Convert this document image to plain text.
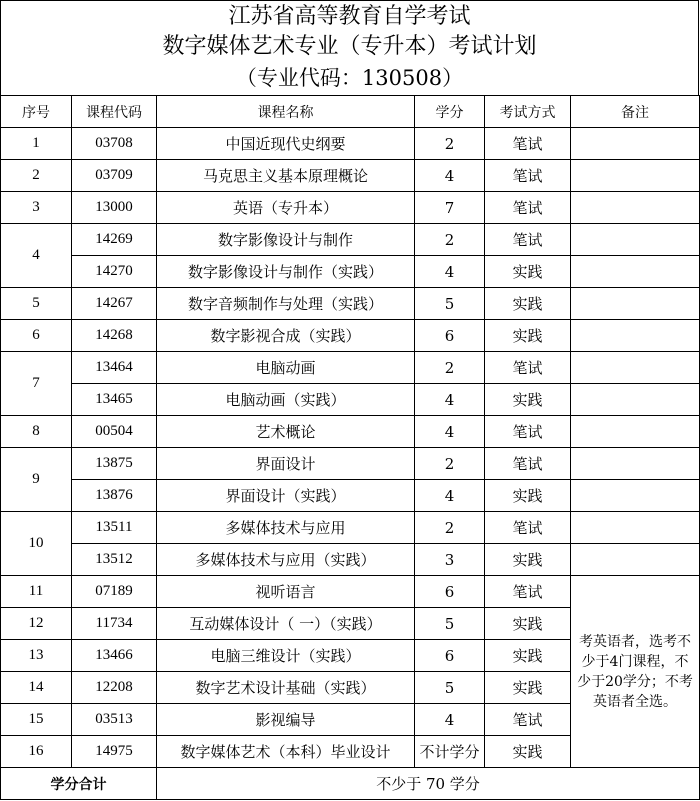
江苏省高等教育自学考试
数字媒体艺术专业（专升本）考试计划
（专业代码：130508）
序号	课程代码	课程名称	学分	考试方式	备注
1	03708	中国近现代史纲要	2	笔试	
2	03709	马克思主义基本原理概论	4	笔试	
3	13000	英语（专升本）	7	笔试	
4	14269	数字影像设计与制作	2	笔试	
	14270	数字影像设计与制作（实践）	4	实践	
5	14267	数字音频制作与处理（实践）	5	实践	
6	14268	数字影视合成（实践）	6	实践	
7	13464	电脑动画	2	笔试	
	13465	电脑动画（实践）	4	实践	
8	00504	艺术概论	4	笔试	
9	13875	界面设计	2	笔试	
	13876	界面设计（实践）	4	实践	
10	13511	多媒体技术与应用	2	笔试	
	13512	多媒体技术与应用（实践）	3	实践	
11	07189	视听语言	6	笔试	考英语者，选考不少于4门课程，不少于20学分；不考英语者全选。
12	11734	互动媒体设计（ 一）（实践）	5	实践	
13	13466	电脑三维设计（实践）	6	实践	
14	12208	数字艺术设计基础（实践）	5	实践	
15	03513	影视编导	4	笔试	
16	14975	数字媒体艺术（本科）毕业设计	不计学分	实践	
学分合计		不少于 70 学分			
